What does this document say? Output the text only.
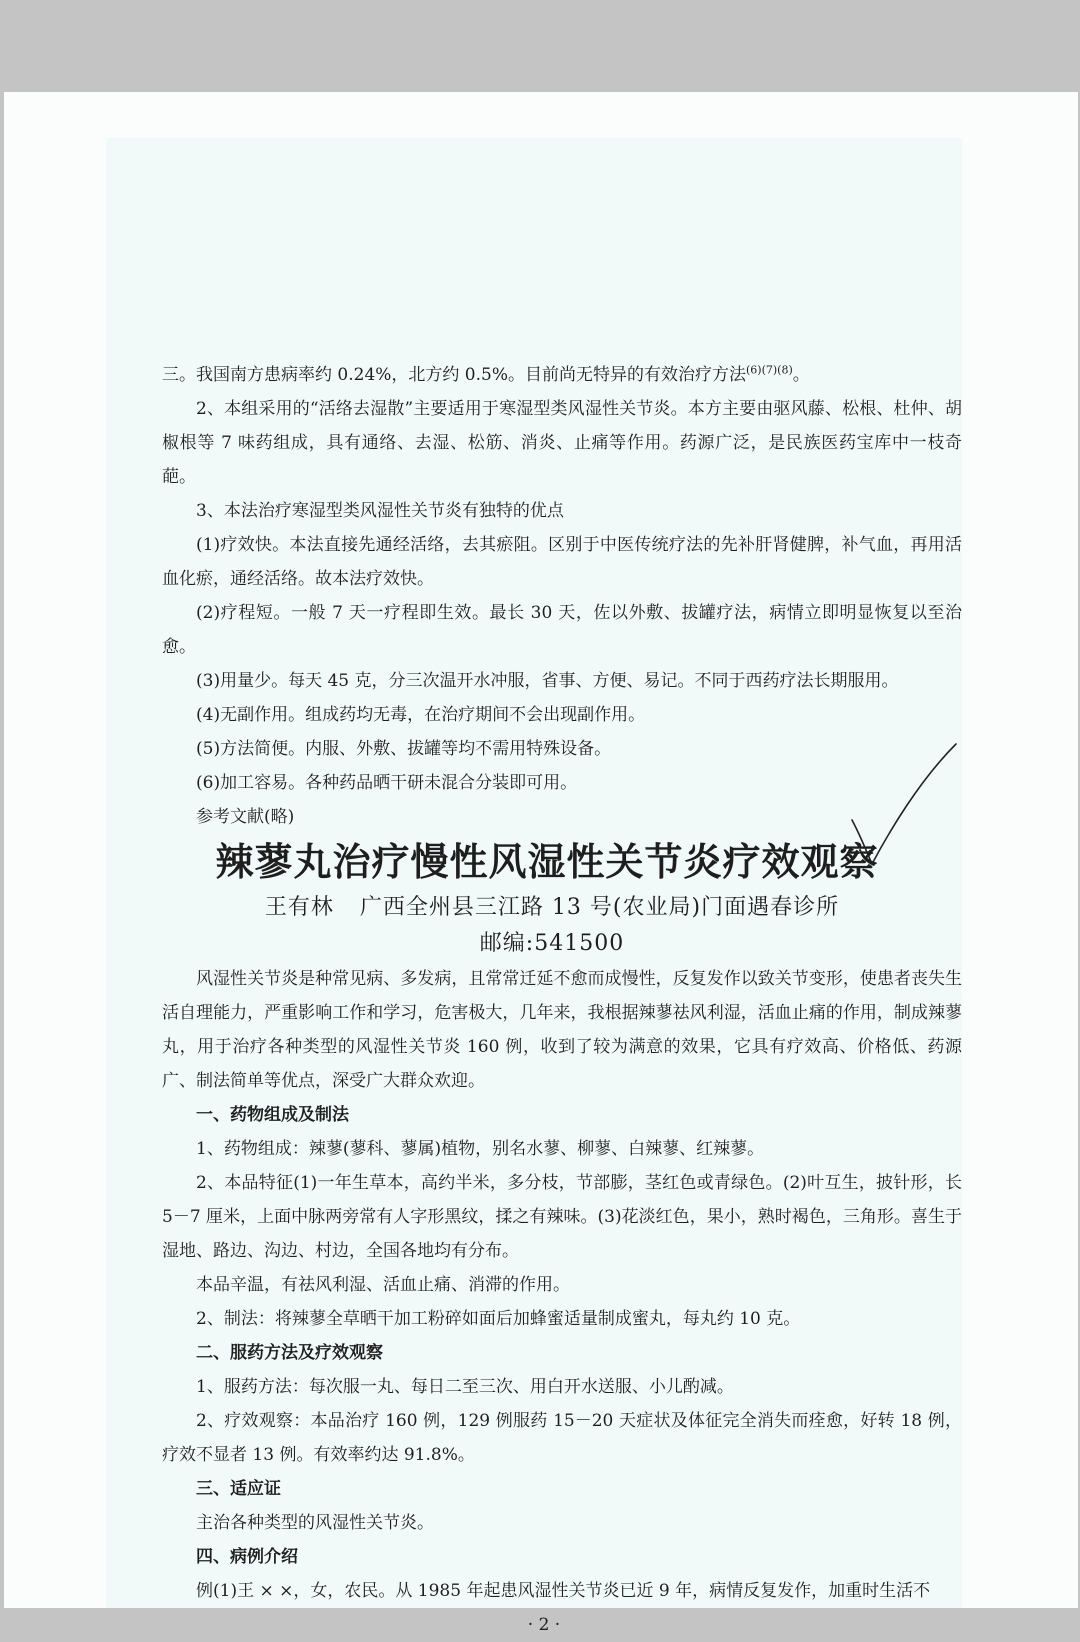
三。我国南方患病率约 0.24%，北方约 0.5%。目前尚无特异的有效治疗方法$^{(6)(7)(8)}$。

2、本组采用的“活络去湿散”主要适用于寒湿型类风湿性关节炎。本方主要由驱风藤、松根、杜仲、胡椒根等 7 味药组成，具有通络、去湿、松筋、消炎、止痛等作用。药源广泛，是民族医药宝库中一枝奇葩。

3、本法治疗寒湿型类风湿性关节炎有独特的优点

(1)疗效快。本法直接先通经活络，去其瘀阻。区别于中医传统疗法的先补肝肾健脾，补气血，再用活血化瘀，通经活络。故本法疗效快。

(2)疗程短。一般 7 天一疗程即生效。最长 30 天，佐以外敷、拔罐疗法，病情立即明显恢复以至治愈。

(3)用量少。每天 45 克，分三次温开水冲服，省事、方便、易记。不同于西药疗法长期服用。

(4)无副作用。组成药均无毒，在治疗期间不会出现副作用。

(5)方法简便。内服、外敷、拔罐等均不需用特殊设备。

(6)加工容易。各种药品晒干研未混合分装即可用。

参考文献(略)

辣蓼丸治疗慢性风湿性关节炎疗效观察

王有林 广西全州县三江路 13 号(农业局)门面遇春诊所

邮编:541500

风湿性关节炎是种常见病、多发病，且常常迁延不愈而成慢性，反复发作以致关节变形，使患者丧失生活自理能力，严重影响工作和学习，危害极大，几年来，我根据辣蓼祛风利湿，活血止痛的作用，制成辣蓼丸，用于治疗各种类型的风湿性关节炎 160 例，收到了较为满意的效果，它具有疗效高、价格低、药源广、制法简单等优点，深受广大群众欢迎。

一、药物组成及制法

1、药物组成：辣蓼(蓼科、蓼属)植物，别名水蓼、柳蓼、白辣蓼、红辣蓼。

2、本品特征(1)一年生草本，高约半米，多分枝，节部膨，茎红色或青绿色。(2)叶互生，披针形，长 5－7 厘米，上面中脉两旁常有人字形黑纹，揉之有辣味。(3)花淡红色，果小，熟时褐色，三角形。喜生于湿地、路边、沟边、村边，全国各地均有分布。

本品辛温，有祛风利湿、活血止痛、消滞的作用。

2、制法：将辣蓼全草晒干加工粉碎如面后加蜂蜜适量制成蜜丸，每丸约 10 克。

二、服药方法及疗效观察

1、服药方法：每次服一丸、每日二至三次、用白开水送服、小儿酌减。

2、疗效观察：本品治疗 160 例，129 例服药 15－20 天症状及体征完全消失而痊愈，好转 18 例，疗效不显者 13 例。有效率约达 91.8%。

三、适应证

主治各种类型的风湿性关节炎。

四、病例介绍

例(1)王 × ×，女，农民。从 1985 年起患风湿性关节炎已近 9 年，病情反复发作，加重时生活不

· 2 ·
